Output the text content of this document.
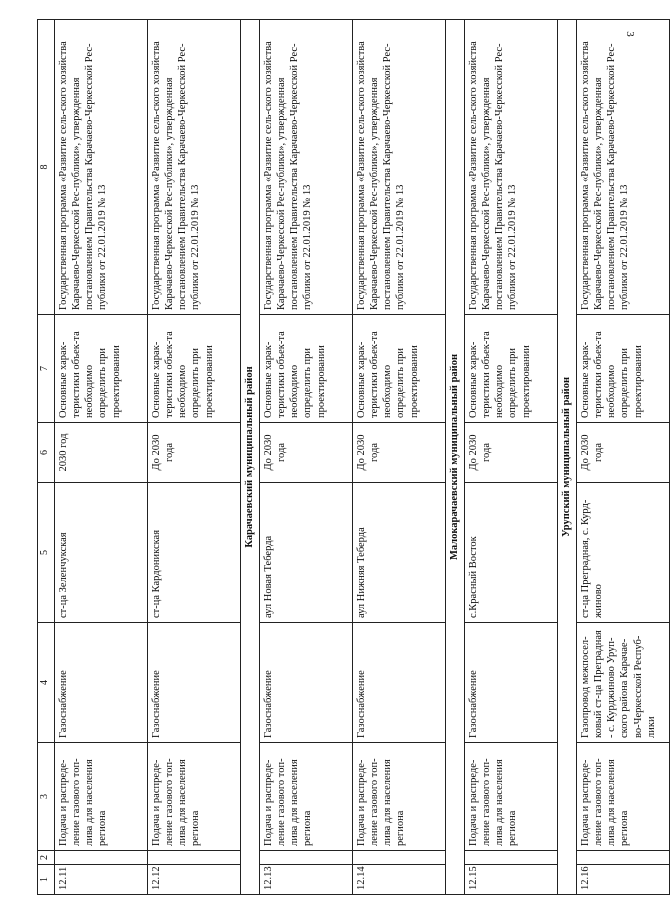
3
1	2	3	4	5	6	7	8
12.11		Подача и распреде-ление газового топ-лива для населения региона	Газоснабжение	ст-ца Зеленчукская	2030 год	Основные харак-теристики объек-та необходимо определить при проектировании	Государственная программа «Развитие сель-ского хозяйства Карачаево-Черкесской Рес-публики», утвержденная постановлением Правительства Карачаево-Черкесской Рес-публики от 22.01.2019 № 13
12.12		Подача и распреде-ление газового топ-лива для населения региона	Газоснабжение	ст-ца Кардоникская	До 2030 года	Основные харак-теристики объек-та необходимо определить при проектировании	Государственная программа «Развитие сель-ского хозяйства Карачаево-Черкесской Рес-публики», утвержденная постановлением Правительства Карачаево-Черкесской Рес-публики от 22.01.2019 № 13
Карачаевский муниципальный район							
12.13		Подача и распреде-ление газового топ-лива для населения региона	Газоснабжение	аул Новая Теберда	До 2030 года	Основные харак-теристики объек-та необходимо определить при проектировании	Государственная программа «Развитие сель-ского хозяйства Карачаево-Черкесской Рес-публики», утвержденная постановлением Правительства Карачаево-Черкесской Рес-публики от 22.01.2019 № 13
12.14		Подача и распреде-ление газового топ-лива для населения региона	Газоснабжение	аул Нижняя Теберда	До 2030 года	Основные харак-теристики объек-та необходимо определить при проектировании	Государственная программа «Развитие сель-ского хозяйства Карачаево-Черкесской Рес-публики», утвержденная постановлением Правительства Карачаево-Черкесской Рес-публики от 22.01.2019 № 13
Малокарачаевский муниципальный район							
12.15		Подача и распреде-ление газового топ-лива для населения региона	Газоснабжение	с.Красный Восток	До 2030 года	Основные харак-теристики объек-та необходимо определить при проектировании	Государственная программа «Развитие сель-ского хозяйства Карачаево-Черкесской Рес-публики», утвержденная постановлением Правительства Карачаево-Черкесской Рес-публики от 22.01.2019 № 13
Урупский муниципальный район							
12.16		Подача и распреде-ление газового топ-лива для населения региона	Газопровод межпосел-ковый ст-ца Преградная - с. Курджиново Уруп-ского района Карачае-во-Черкесской Респуб-лики	ст-ца Преградная, с. Курд-жиново	До 2030 года	Основные харак-теристики объек-та необходимо определить при проектировании	Государственная программа «Развитие сель-ского хозяйства Карачаево-Черкесской Рес-публики», утвержденная постановлением Правительства Карачаево-Черкесской Рес-публики от 22.01.2019 № 13
